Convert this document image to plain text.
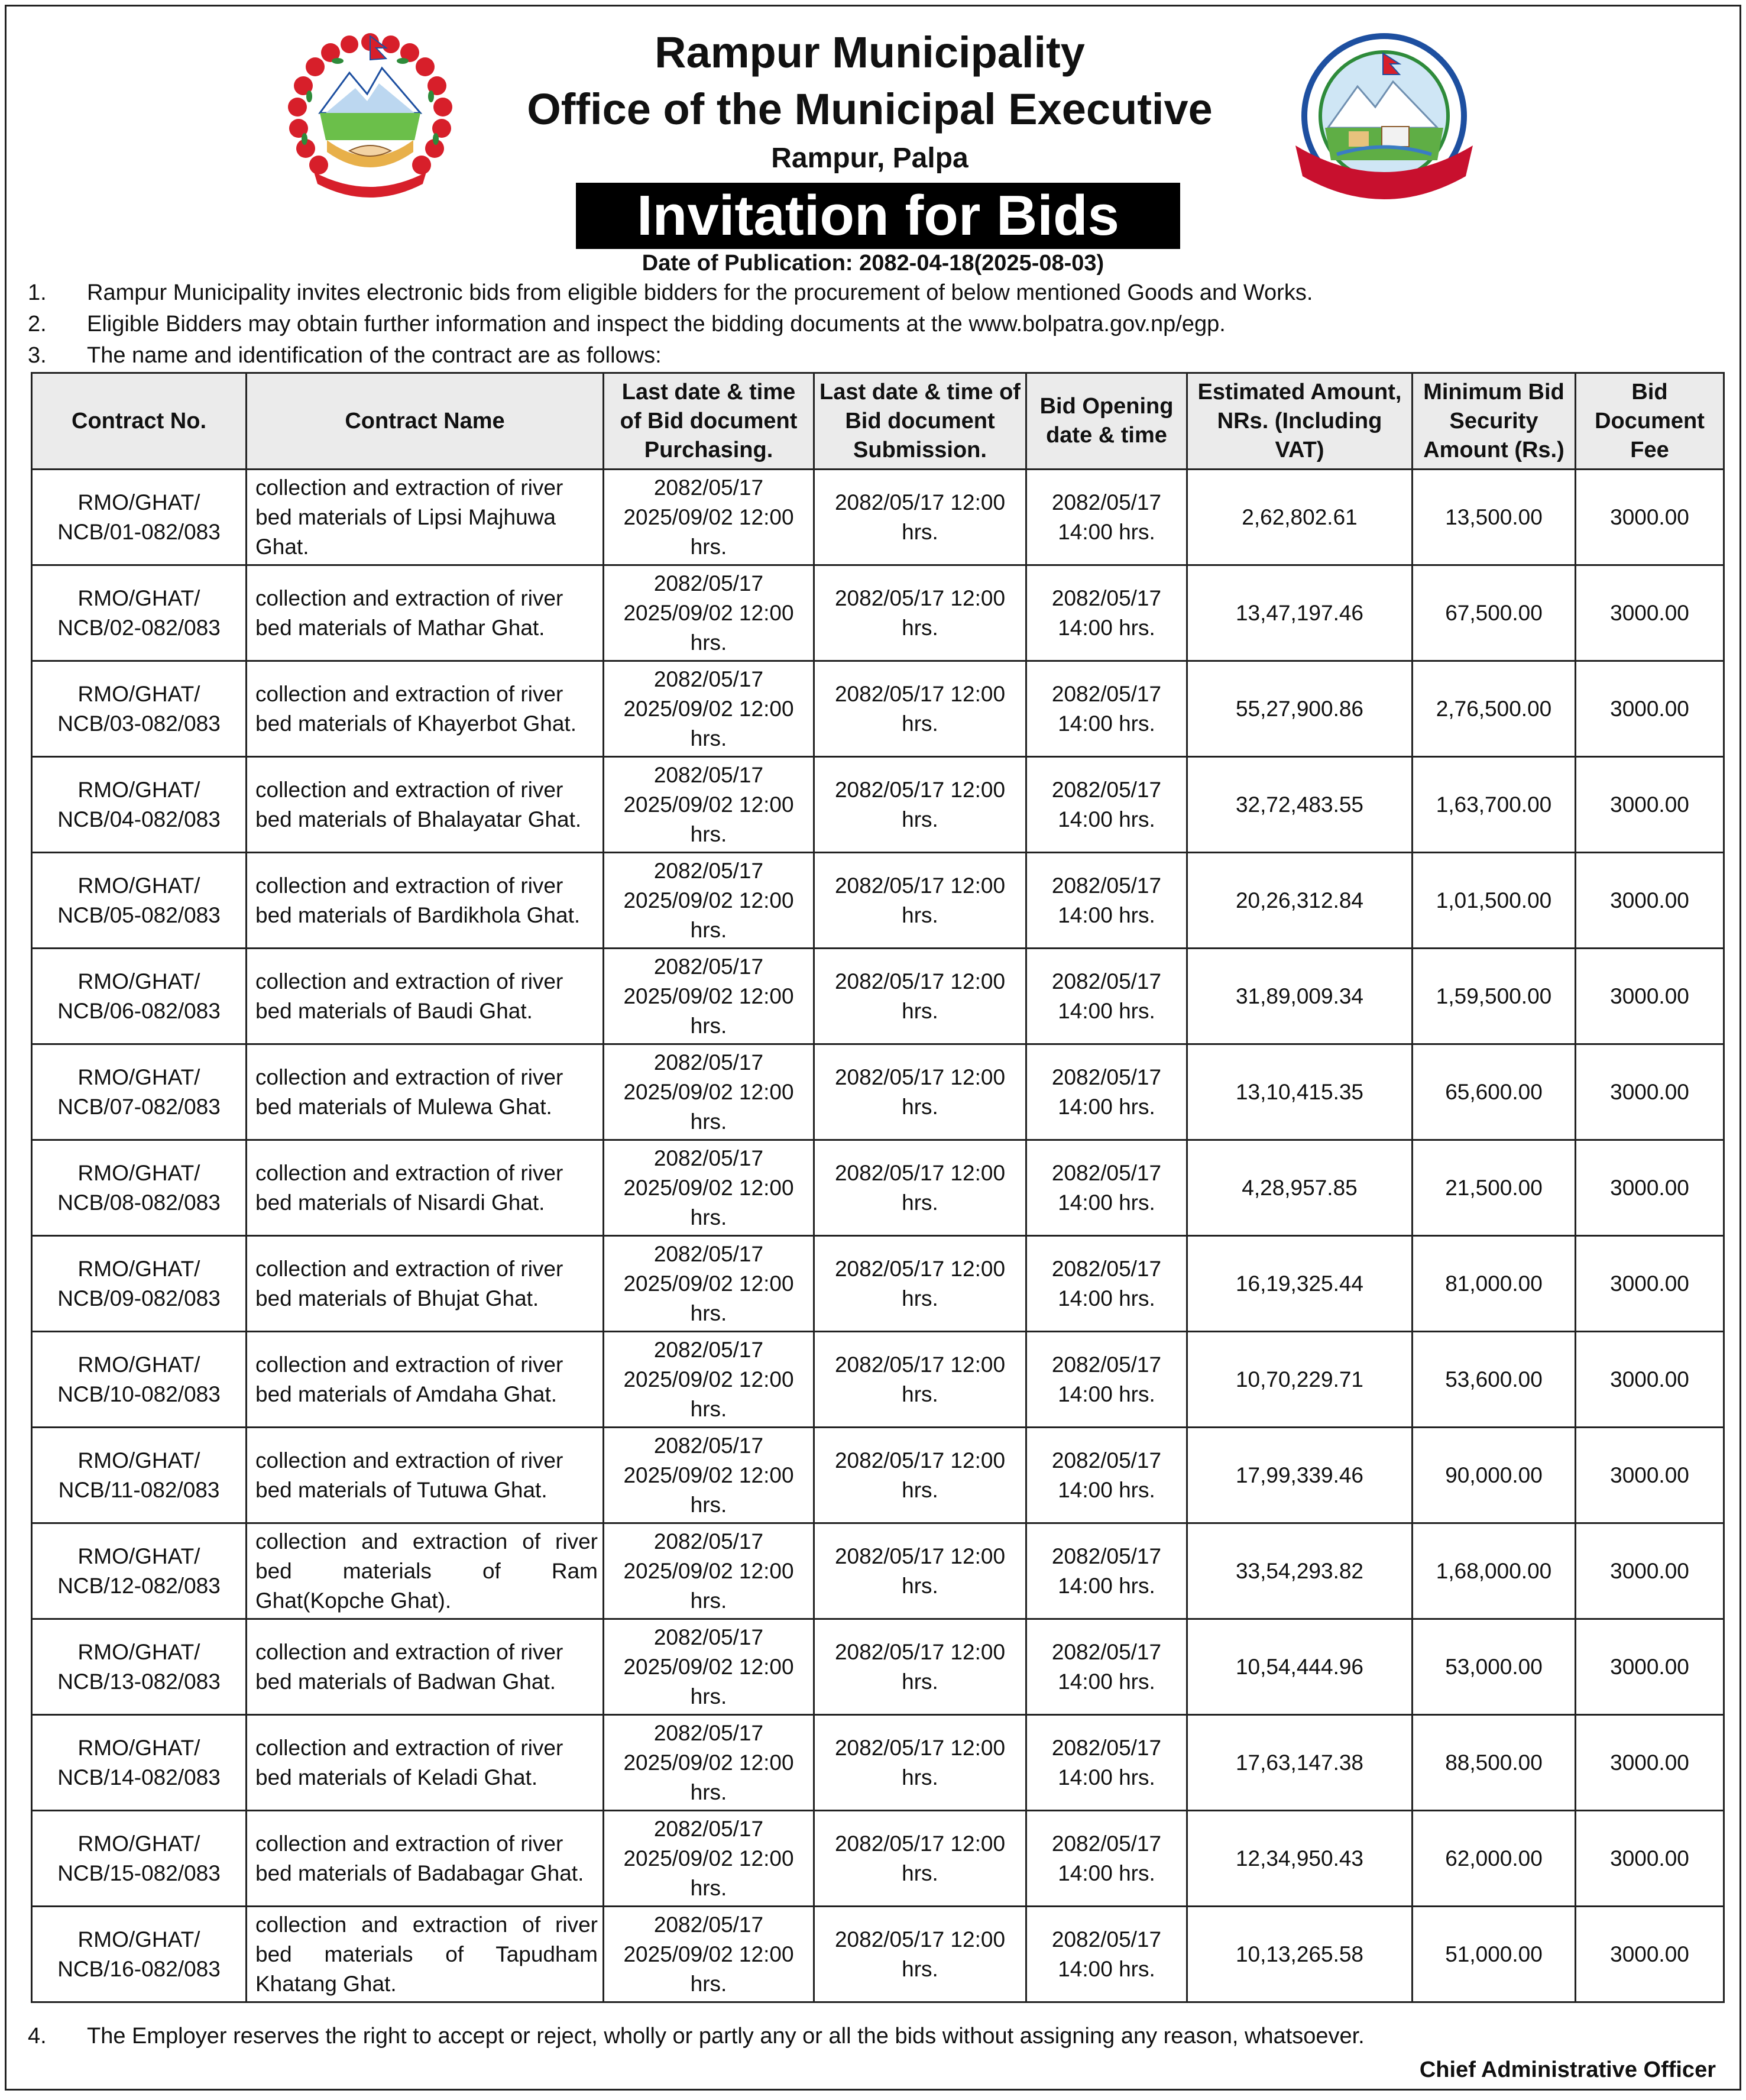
Rampur Municipality
Office of the Municipal Executive
Rampur, Palpa
Invitation for Bids
Date of Publication: 2082-04-18(2025-08-03)
1. Rampur Municipality invites electronic bids from eligible bidders for the procurement of below mentioned Goods and Works.
2. Eligible Bidders may obtain further information and inspect the bidding documents at the www.bolpatra.gov.np/egp.
3. The name and identification of the contract are as follows:
Contract No.	Contract Name	Last date & time of Bid document Purchasing.	Last date & time of Bid document Submission.	Bid Opening date & time	Estimated Amount, NRs. (Including VAT)	Minimum Bid Security Amount (Rs.)	Bid Document Fee
RMO/GHAT/ NCB/01-082/083	collection and extraction of river bed materials of Lipsi Majhuwa Ghat.	2082/05/17 2025/09/02 12:00 hrs.	2082/05/17 12:00 hrs.	2082/05/17 14:00 hrs.	2,62,802.61	13,500.00	3000.00
RMO/GHAT/ NCB/02-082/083	collection and extraction of river bed materials of Mathar Ghat.	2082/05/17 2025/09/02 12:00 hrs.	2082/05/17 12:00 hrs.	2082/05/17 14:00 hrs.	13,47,197.46	67,500.00	3000.00
RMO/GHAT/ NCB/03-082/083	collection and extraction of river bed materials of Khayerbot Ghat.	2082/05/17 2025/09/02 12:00 hrs.	2082/05/17 12:00 hrs.	2082/05/17 14:00 hrs.	55,27,900.86	2,76,500.00	3000.00
RMO/GHAT/ NCB/04-082/083	collection and extraction of river bed materials of Bhalayatar Ghat.	2082/05/17 2025/09/02 12:00 hrs.	2082/05/17 12:00 hrs.	2082/05/17 14:00 hrs.	32,72,483.55	1,63,700.00	3000.00
RMO/GHAT/ NCB/05-082/083	collection and extraction of river bed materials of Bardikhola Ghat.	2082/05/17 2025/09/02 12:00 hrs.	2082/05/17 12:00 hrs.	2082/05/17 14:00 hrs.	20,26,312.84	1,01,500.00	3000.00
RMO/GHAT/ NCB/06-082/083	collection and extraction of river bed materials of Baudi Ghat.	2082/05/17 2025/09/02 12:00 hrs.	2082/05/17 12:00 hrs.	2082/05/17 14:00 hrs.	31,89,009.34	1,59,500.00	3000.00
RMO/GHAT/ NCB/07-082/083	collection and extraction of river bed materials of Mulewa Ghat.	2082/05/17 2025/09/02 12:00 hrs.	2082/05/17 12:00 hrs.	2082/05/17 14:00 hrs.	13,10,415.35	65,600.00	3000.00
RMO/GHAT/ NCB/08-082/083	collection and extraction of river bed materials of Nisardi Ghat.	2082/05/17 2025/09/02 12:00 hrs.	2082/05/17 12:00 hrs.	2082/05/17 14:00 hrs.	4,28,957.85	21,500.00	3000.00
RMO/GHAT/ NCB/09-082/083	collection and extraction of river bed materials of Bhujat Ghat.	2082/05/17 2025/09/02 12:00 hrs.	2082/05/17 12:00 hrs.	2082/05/17 14:00 hrs.	16,19,325.44	81,000.00	3000.00
RMO/GHAT/ NCB/10-082/083	collection and extraction of river bed materials of Amdaha Ghat.	2082/05/17 2025/09/02 12:00 hrs.	2082/05/17 12:00 hrs.	2082/05/17 14:00 hrs.	10,70,229.71	53,600.00	3000.00
RMO/GHAT/ NCB/11-082/083	collection and extraction of river bed materials of Tutuwa Ghat.	2082/05/17 2025/09/02 12:00 hrs.	2082/05/17 12:00 hrs.	2082/05/17 14:00 hrs.	17,99,339.46	90,000.00	3000.00
RMO/GHAT/ NCB/12-082/083	collection and extraction of river bed materials of Ram Ghat(Kopche Ghat).	2082/05/17 2025/09/02 12:00 hrs.	2082/05/17 12:00 hrs.	2082/05/17 14:00 hrs.	33,54,293.82	1,68,000.00	3000.00
RMO/GHAT/ NCB/13-082/083	collection and extraction of river bed materials of Badwan Ghat.	2082/05/17 2025/09/02 12:00 hrs.	2082/05/17 12:00 hrs.	2082/05/17 14:00 hrs.	10,54,444.96	53,000.00	3000.00
RMO/GHAT/ NCB/14-082/083	collection and extraction of river bed materials of Keladi Ghat.	2082/05/17 2025/09/02 12:00 hrs.	2082/05/17 12:00 hrs.	2082/05/17 14:00 hrs.	17,63,147.38	88,500.00	3000.00
RMO/GHAT/ NCB/15-082/083	collection and extraction of river bed materials of Badabagar Ghat.	2082/05/17 2025/09/02 12:00 hrs.	2082/05/17 12:00 hrs.	2082/05/17 14:00 hrs.	12,34,950.43	62,000.00	3000.00
RMO/GHAT/ NCB/16-082/083	collection and extraction of river bed materials of Tapudham Khatang Ghat.	2082/05/17 2025/09/02 12:00 hrs.	2082/05/17 12:00 hrs.	2082/05/17 14:00 hrs.	10,13,265.58	51,000.00	3000.00
4. The Employer reserves the right to accept or reject, wholly or partly any or all the bids without assigning any reason, whatsoever.
Chief Administrative Officer
